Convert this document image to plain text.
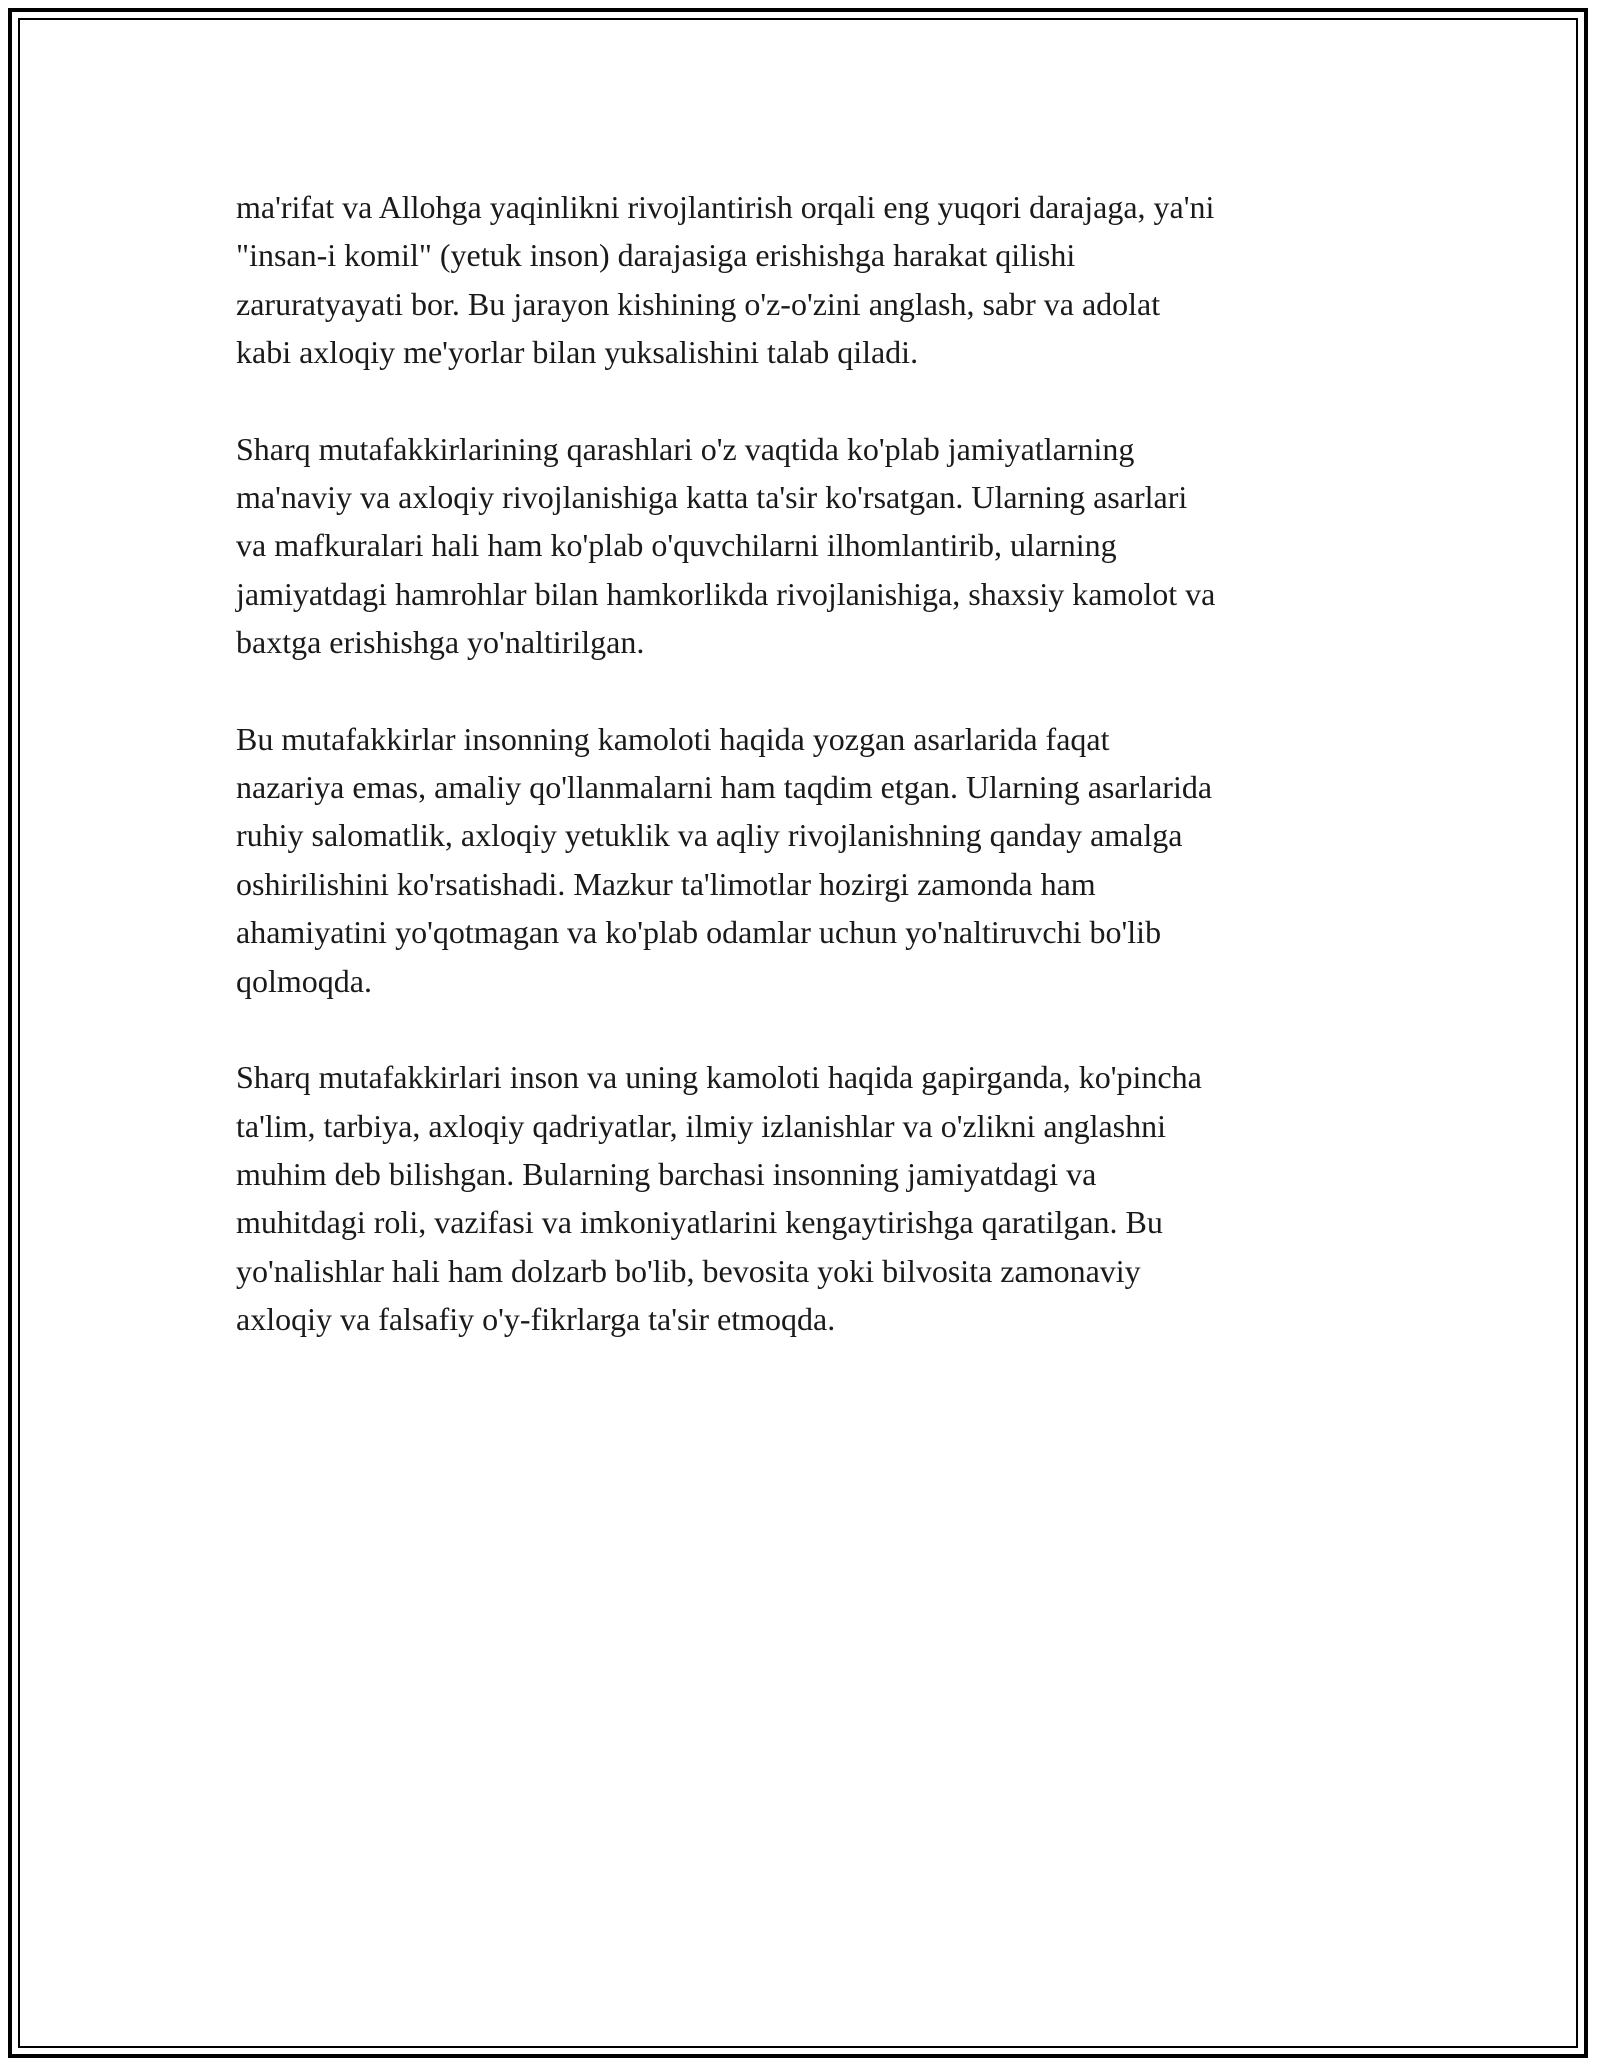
ma'rifat va Allohga yaqinlikni rivojlantirish orqali eng yuqori darajaga, ya'ni
"insan-i komil" (yetuk inson) darajasiga erishishga harakat qilishi
zaruratyayati bor. Bu jarayon kishining o'z-o'zini anglash, sabr va adolat
kabi axloqiy me'yorlar bilan yuksalishini talab qiladi.

Sharq mutafakkirlarining qarashlari o'z vaqtida ko'plab jamiyatlarning
ma'naviy va axloqiy rivojlanishiga katta ta'sir ko'rsatgan. Ularning asarlari
va mafkuralari hali ham ko'plab o'quvchilarni ilhomlantirib, ularning
jamiyatdagi hamrohlar bilan hamkorlikda rivojlanishiga, shaxsiy kamolot va
baxtga erishishga yo'naltirilgan.

Bu mutafakkirlar insonning kamoloti haqida yozgan asarlarida faqat
nazariya emas, amaliy qo'llanmalarni ham taqdim etgan. Ularning asarlarida
ruhiy salomatlik, axloqiy yetuklik va aqliy rivojlanishning qanday amalga
oshirilishini ko'rsatishadi. Mazkur ta'limotlar hozirgi zamonda ham
ahamiyatini yo'qotmagan va ko'plab odamlar uchun yo'naltiruvchi bo'lib
qolmoqda.

Sharq mutafakkirlari inson va uning kamoloti haqida gapirganda, ko'pincha
ta'lim, tarbiya, axloqiy qadriyatlar, ilmiy izlanishlar va o'zlikni anglashni
muhim deb bilishgan. Bularning barchasi insonning jamiyatdagi va
muhitdagi roli, vazifasi va imkoniyatlarini kengaytirishga qaratilgan. Bu
yo'nalishlar hali ham dolzarb bo'lib, bevosita yoki bilvosita zamonaviy
axloqiy va falsafiy o'y-fikrlarga ta'sir etmoqda.
